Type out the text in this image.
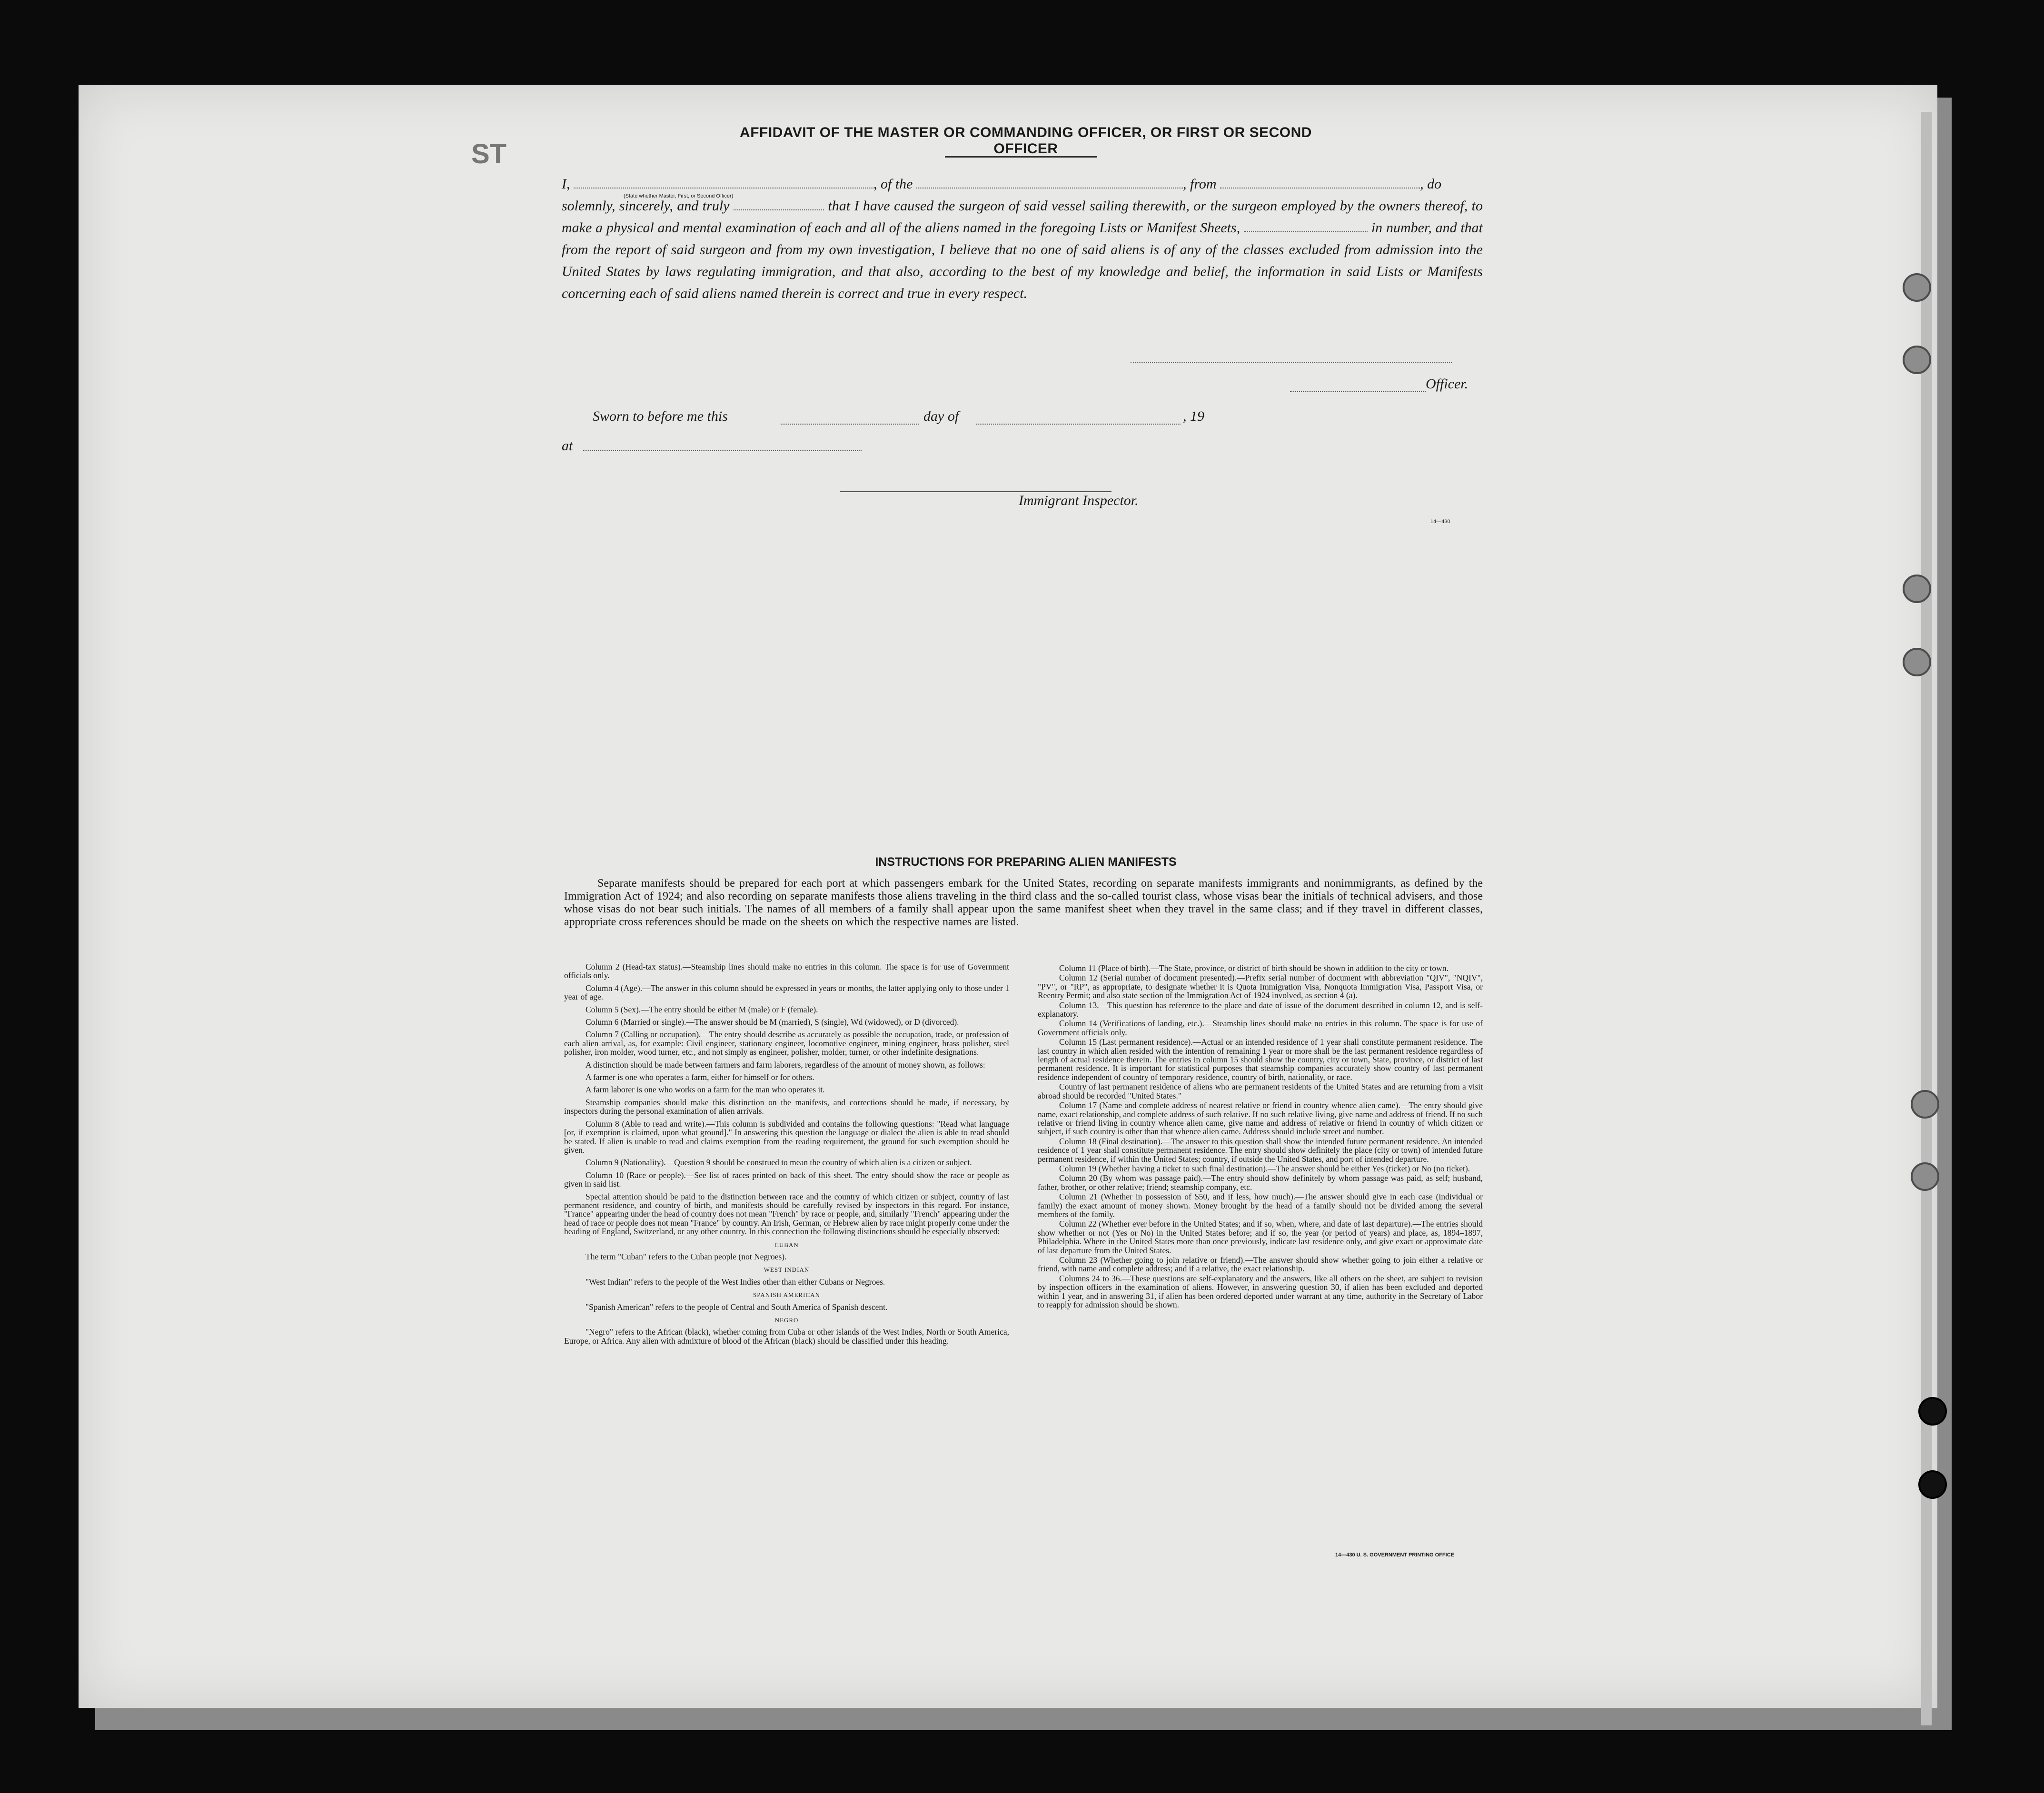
ST
AFFIDAVIT OF THE MASTER OR COMMANDING OFFICER, OR FIRST OR SECOND OFFICER
I,	, of the	, from	, do
solemnly, sincerely, and truly	that I have caused the surgeon of said vessel sailing therewith, or the surgeon employed by the owners thereof, to make a physical and mental examination of each and all of the aliens named in the foregoing Lists or Manifest Sheets,	in number, and that from the report of said surgeon and from my own investigation, I believe that no one of said aliens is of any of the classes excluded from admission into the United States by laws regulating immigration, and that also, according to the best of my knowledge and belief, the information in said Lists or Manifests concerning each of said aliens named therein is correct and true in every respect.
(State whether Master, First, or Second Officer)
Officer.
Sworn to before me this	day of	, 19
at
Immigrant Inspector.
14—430
INSTRUCTIONS FOR PREPARING ALIEN MANIFESTS

Separate manifests should be prepared for each port at which passengers embark for the United States, recording on separate manifests immigrants and nonimmigrants, as defined by the Immigration Act of 1924; and also recording on separate manifests those aliens traveling in the third class and the so-called tourist class, whose visas bear the initials of technical advisers, and those whose visas do not bear such initials. The names of all members of a family shall appear upon the same manifest sheet when they travel in the same class; and if they travel in different classes, appropriate cross references should be made on the sheets on which the respective names are listed.

Column 2 (Head-tax status).—Steamship lines should make no entries in this column. The space is for use of Government officials only.

Column 4 (Age).—The answer in this column should be expressed in years or months, the latter applying only to those under 1 year of age.

Column 5 (Sex).—The entry should be either M (male) or F (female).

Column 6 (Married or single).—The answer should be M (married), S (single), Wd (widowed), or D (divorced).

Column 7 (Calling or occupation).—The entry should describe as accurately as possible the occupation, trade, or profession of each alien arrival, as, for example: Civil engineer, stationary engineer, locomotive engineer, mining engineer, brass polisher, steel polisher, iron molder, wood turner, etc., and not simply as engineer, polisher, molder, turner, or other indefinite designations.

A distinction should be made between farmers and farm laborers, regardless of the amount of money shown, as follows:

A farmer is one who operates a farm, either for himself or for others.

A farm laborer is one who works on a farm for the man who operates it.

Steamship companies should make this distinction on the manifests, and corrections should be made, if necessary, by inspectors during the personal examination of alien arrivals.

Column 8 (Able to read and write).—This column is subdivided and contains the following questions: "Read what language [or, if exemption is claimed, upon what ground]." In answering this question the language or dialect the alien is able to read should be stated. If alien is unable to read and claims exemption from the reading requirement, the ground for such exemption should be given.

Column 9 (Nationality).—Question 9 should be construed to mean the country of which alien is a citizen or subject.

Column 10 (Race or people).—See list of races printed on back of this sheet. The entry should show the race or people as given in said list.

Special attention should be paid to the distinction between race and the country of which citizen or subject, country of last permanent residence, and country of birth, and manifests should be carefully revised by inspectors in this regard. For instance, "France" appearing under the head of country does not mean "French" by race or people, and, similarly "French" appearing under the head of race or people does not mean "France" by country. An Irish, German, or Hebrew alien by race might properly come under the heading of England, Switzerland, or any other country. In this connection the following distinctions should be especially observed:

CUBAN

The term "Cuban" refers to the Cuban people (not Negroes).

WEST INDIAN

"West Indian" refers to the people of the West Indies other than either Cubans or Negroes.

SPANISH AMERICAN

"Spanish American" refers to the people of Central and South America of Spanish descent.

NEGRO

"Negro" refers to the African (black), whether coming from Cuba or other islands of the West Indies, North or South America, Europe, or Africa. Any alien with admixture of blood of the African (black) should be classified under this heading.

Column 11 (Place of birth).—The State, province, or district of birth should be shown in addition to the city or town.

Column 12 (Serial number of document presented).—Prefix serial number of document with abbreviation "QIV", "NQIV", "PV", or "RP", as appropriate, to designate whether it is Quota Immigration Visa, Nonquota Immigration Visa, Passport Visa, or Reentry Permit; and also state section of the Immigration Act of 1924 involved, as section 4 (a).

Column 13.—This question has reference to the place and date of issue of the document described in column 12, and is self-explanatory.

Column 14 (Verifications of landing, etc.).—Steamship lines should make no entries in this column. The space is for use of Government officials only.

Column 15 (Last permanent residence).—Actual or an intended residence of 1 year shall constitute permanent residence. The last country in which alien resided with the intention of remaining 1 year or more shall be the last permanent residence regardless of length of actual residence therein. The entries in column 15 should show the country, city or town, State, province, or district of last permanent residence. It is important for statistical purposes that steamship companies accurately show country of last permanent residence independent of country of temporary residence, country of birth, nationality, or race.

Country of last permanent residence of aliens who are permanent residents of the United States and are returning from a visit abroad should be recorded "United States."

Column 17 (Name and complete address of nearest relative or friend in country whence alien came).—The entry should give name, exact relationship, and complete address of such relative. If no such relative living, give name and address of friend. If no such relative or friend living in country whence alien came, give name and address of relative or friend in country of which citizen or subject, if such country is other than that whence alien came. Address should include street and number.

Column 18 (Final destination).—The answer to this question shall show the intended future permanent residence. An intended residence of 1 year shall constitute permanent residence. The entry should show definitely the place (city or town) of intended future permanent residence, if within the United States; country, if outside the United States, and port of intended departure.

Column 19 (Whether having a ticket to such final destination).—The answer should be either Yes (ticket) or No (no ticket).

Column 20 (By whom was passage paid).—The entry should show definitely by whom passage was paid, as self; husband, father, brother, or other relative; friend; steamship company, etc.

Column 21 (Whether in possession of $50, and if less, how much).—The answer should give in each case (individual or family) the exact amount of money shown. Money brought by the head of a family should not be divided among the several members of the family.

Column 22 (Whether ever before in the United States; and if so, when, where, and date of last departure).—The entries should show whether or not (Yes or No) in the United States before; and if so, the year (or period of years) and place, as, 1894–1897, Philadelphia. Where in the United States more than once previously, indicate last residence only, and give exact or approximate date of last departure from the United States.

Column 23 (Whether going to join relative or friend).—The answer should show whether going to join either a relative or friend, with name and complete address; and if a relative, the exact relationship.

Columns 24 to 36.—These questions are self-explanatory and the answers, like all others on the sheet, are subject to revision by inspection officers in the examination of aliens. However, in answering question 30, if alien has been excluded and deported within 1 year, and in answering 31, if alien has been ordered deported under warrant at any time, authority in the Secretary of Labor to reapply for admission should be shown.

14—430 U. S. GOVERNMENT PRINTING OFFICE
